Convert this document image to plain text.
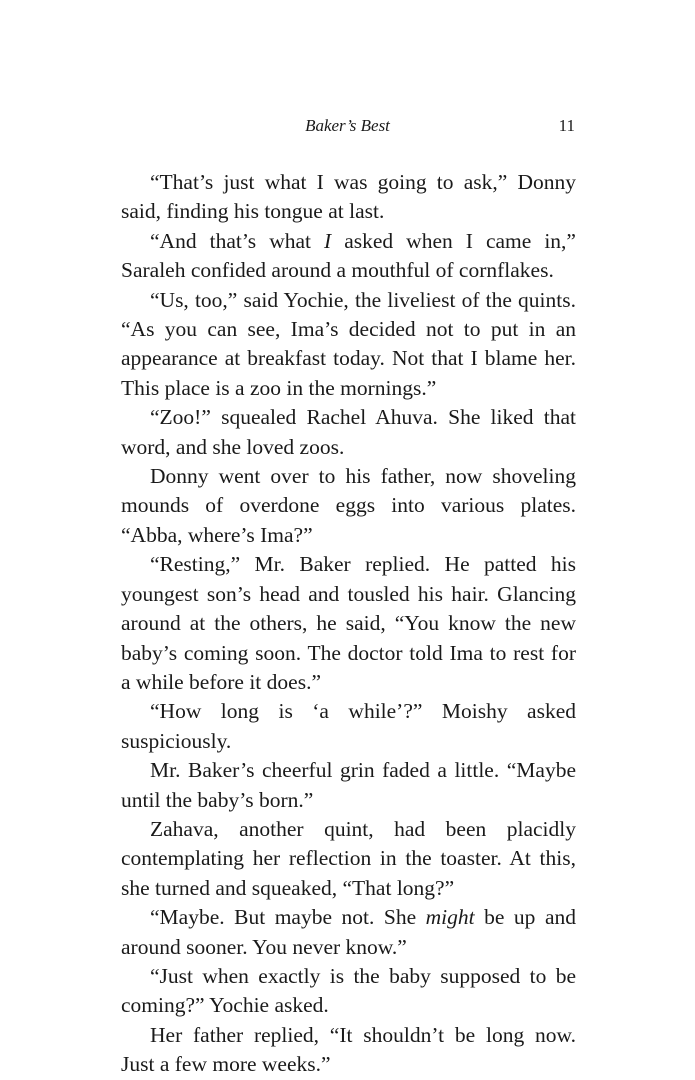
Baker’s Best	11

“That’s just what I was going to ask,” Donny said, finding his tongue at last.

“And that’s what I asked when I came in,” Saraleh confided around a mouthful of cornflakes.

“Us, too,” said Yochie, the liveliest of the quints. “As you can see, Ima’s decided not to put in an appearance at breakfast today. Not that I blame her. This place is a zoo in the mornings.”

“Zoo!” squealed Rachel Ahuva. She liked that word, and she loved zoos.

Donny went over to his father, now shoveling mounds of overdone eggs into various plates. “Abba, where’s Ima?”

“Resting,” Mr. Baker replied. He patted his youngest son’s head and tousled his hair. Glancing around at the others, he said, “You know the new baby’s coming soon. The doctor told Ima to rest for a while before it does.”

“How long is ‘a while’?” Moishy asked suspiciously.

Mr. Baker’s cheerful grin faded a little. “Maybe until the baby’s born.”

Zahava, another quint, had been placidly contemplating her reflection in the toaster. At this, she turned and squeaked, “That long?”

“Maybe. But maybe not. She might be up and around sooner. You never know.”

“Just when exactly is the baby supposed to be coming?” Yochie asked.

Her father replied, “It shouldn’t be long now. Just a few more weeks.”
